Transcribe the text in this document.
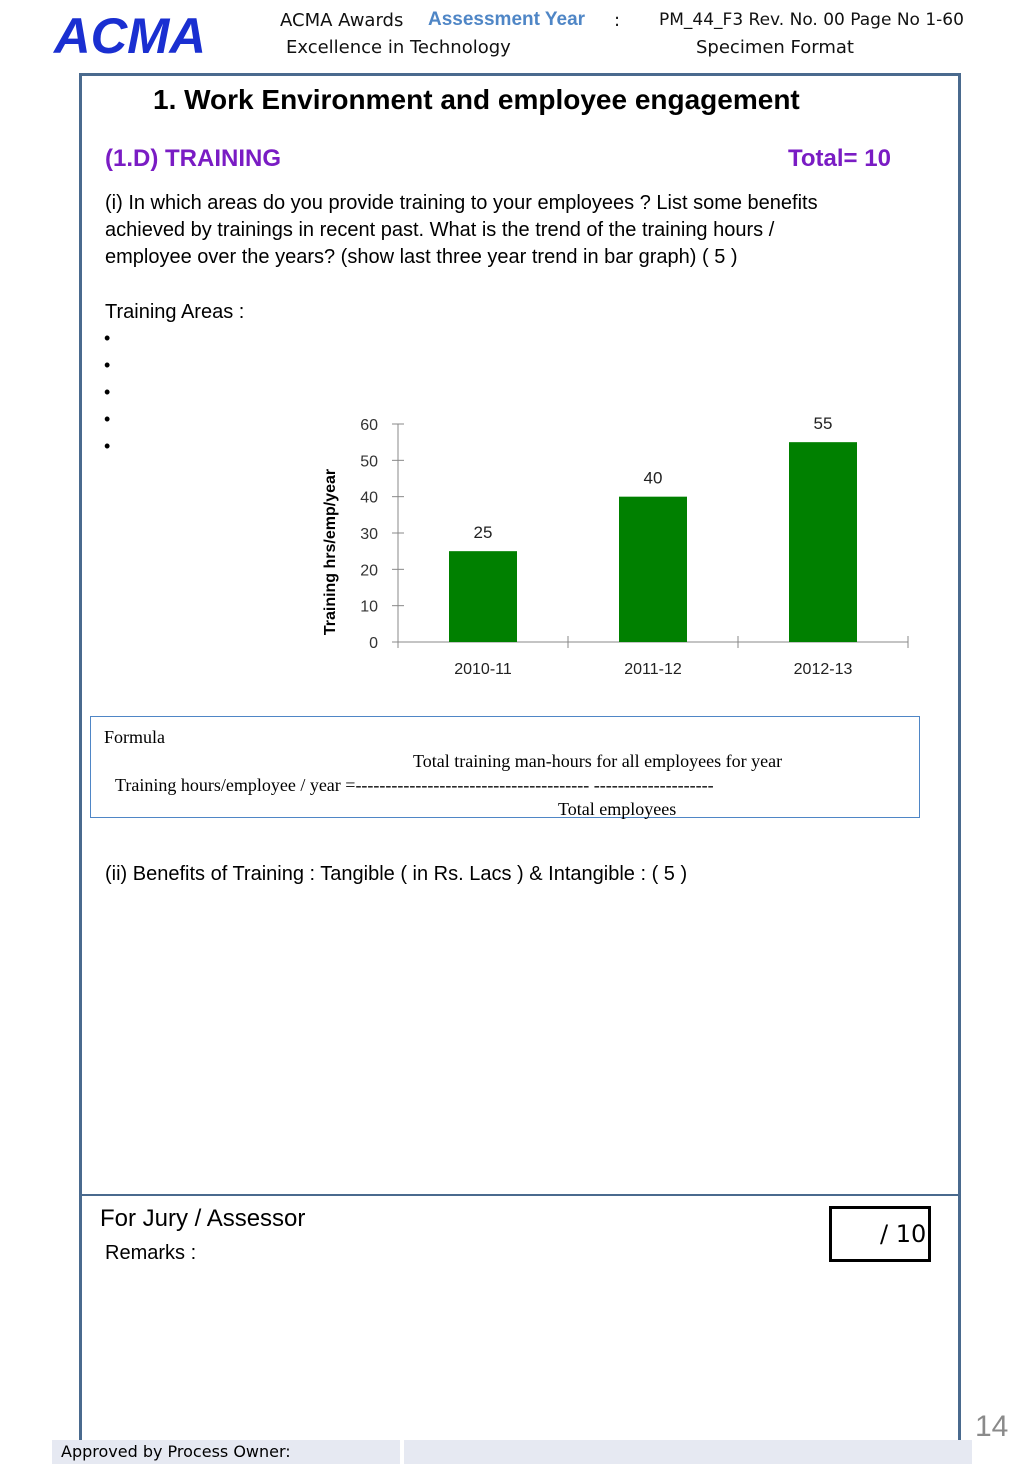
ACMA	ACMA Awards Assessment Year :
Excellence in Technology
PM_44_F3 Rev. No. 00 Page No 1-60
Specimen Format
1. Work Environment and employee engagement
(1.D) TRAINING	Total= 10
(i) In which areas do you provide training to your employees ? List some benefits
achieved by trainings in recent past. What is the trend of the training hours /
employee over the years? (show last three year trend in bar graph) ( 5 )
Training Areas :
•
•
•
•
•
0
10
20
30
40
50
60
25
2010-11
40
2011-12
55
2012-13
Training hrs/emp/year
Formula
Total training man-hours for all employees for year
Training hours/employee / year =--------------------------------------- --------------------
Total employees
(ii) Benefits of Training : Tangible ( in Rs. Lacs ) & Intangible : ( 5 )
For Jury / Assessor
Remarks :
/ 10
Approved by Process Owner:
14
